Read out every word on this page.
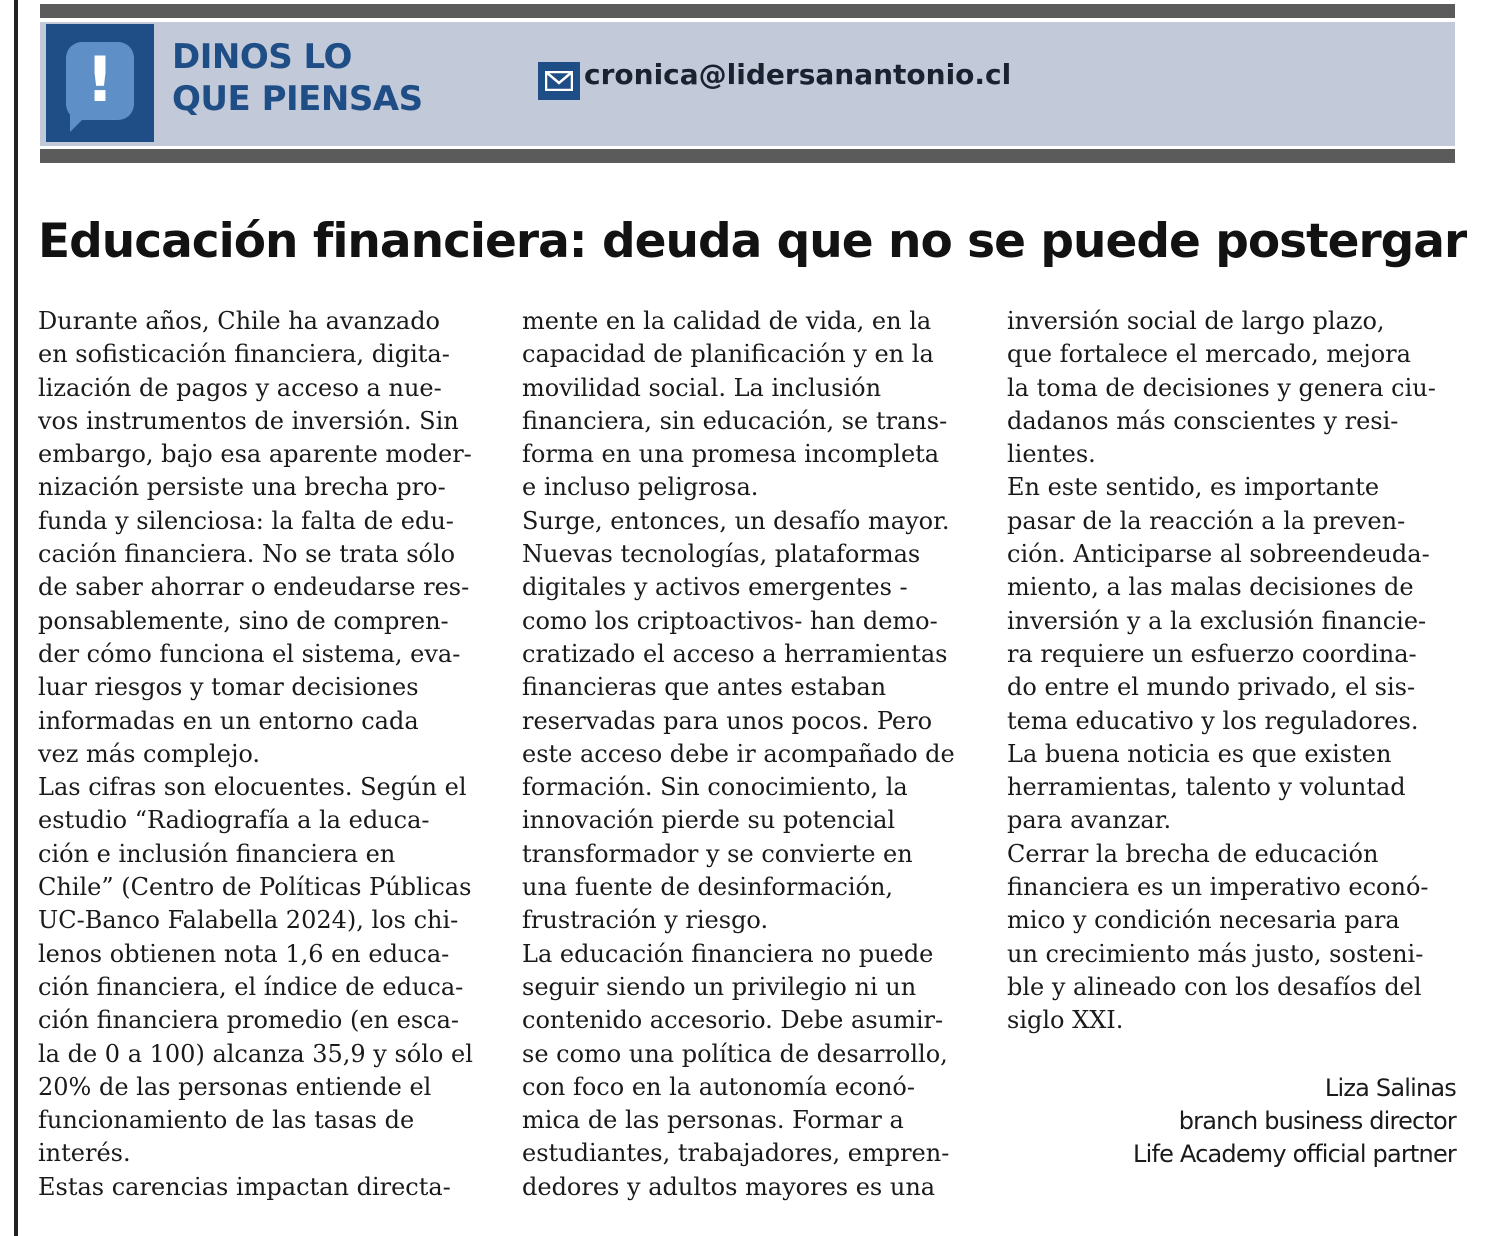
!	DINOS LO
QUE PIENSAS
cronica@lidersanantonio.cl
Educación financiera: deuda que no se puede postergar
Durante años, Chile ha avanzado
en sofisticación financiera, digita-
lización de pagos y acceso a nue-
vos instrumentos de inversión. Sin
embargo, bajo esa aparente moder-
nización persiste una brecha pro-
funda y silenciosa: la falta de edu-
cación financiera. No se trata sólo
de saber ahorrar o endeudarse res-
ponsablemente, sino de compren-
der cómo funciona el sistema, eva-
luar riesgos y tomar decisiones
informadas en un entorno cada
vez más complejo.
Las cifras son elocuentes. Según el
estudio “Radiografía a la educa-
ción e inclusión financiera en
Chile” (Centro de Políticas Públicas
UC-Banco Falabella 2024), los chi-
lenos obtienen nota 1,6 en educa-
ción financiera, el índice de educa-
ción financiera promedio (en esca-
la de 0 a 100) alcanza 35,9 y sólo el
20% de las personas entiende el
funcionamiento de las tasas de
interés.
Estas carencias impactan directa-
mente en la calidad de vida, en la
capacidad de planificación y en la
movilidad social. La inclusión
financiera, sin educación, se trans-
forma en una promesa incompleta
e incluso peligrosa.
Surge, entonces, un desafío mayor.
Nuevas tecnologías, plataformas
digitales y activos emergentes -
como los criptoactivos- han demo-
cratizado el acceso a herramientas
financieras que antes estaban
reservadas para unos pocos. Pero
este acceso debe ir acompañado de
formación. Sin conocimiento, la
innovación pierde su potencial
transformador y se convierte en
una fuente de desinformación,
frustración y riesgo.
La educación financiera no puede
seguir siendo un privilegio ni un
contenido accesorio. Debe asumir-
se como una política de desarrollo,
con foco en la autonomía econó-
mica de las personas. Formar a
estudiantes, trabajadores, empren-
dedores y adultos mayores es una
inversión social de largo plazo,
que fortalece el mercado, mejora
la toma de decisiones y genera ciu-
dadanos más conscientes y resi-
lientes.
En este sentido, es importante
pasar de la reacción a la preven-
ción. Anticiparse al sobreendeuda-
miento, a las malas decisiones de
inversión y a la exclusión financie-
ra requiere un esfuerzo coordina-
do entre el mundo privado, el sis-
tema educativo y los reguladores.
La buena noticia es que existen
herramientas, talento y voluntad
para avanzar.
Cerrar la brecha de educación
financiera es un imperativo econó-
mico y condición necesaria para
un crecimiento más justo, sosteni-
ble y alineado con los desafíos del
siglo XXI.
Liza Salinas
branch business director
Life Academy official partner
